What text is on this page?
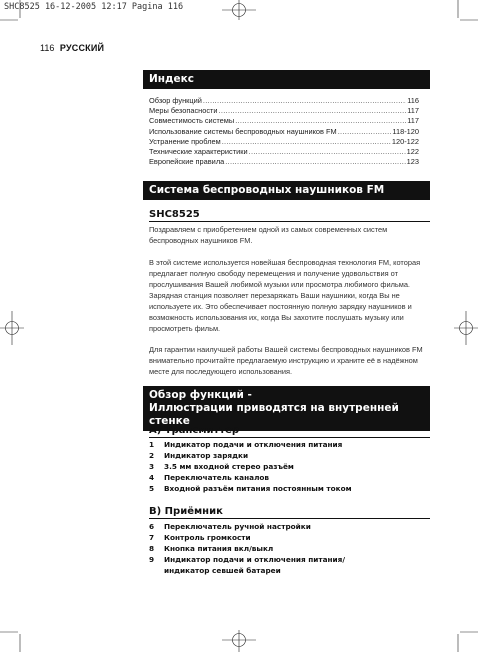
SHC8525 16-12-2005 12:17 Pagina 116
116 РУССКИЙ
Индекс
Обзор функций .....	116
Меры безопасности .....	117
Совместимость системы .....	117
Использование системы беспроводных наушников FM .....	118-120
Устранение проблем .....	120-122
Технические характеристики .....	122
Европейские правила .....	123
Система беспроводных наушников FM
SHC8525
Поздравляем с приобретением одной из самых современных систем беспроводных наушников FM.
В этой системе используется новейшая беспроводная технология FM, которая предлагает полную свободу перемещения и получение удовольствия от прослушивания Вашей любимой музыки или просмотра любимого фильма. Зарядная станция позволяет перезаряжать Ваши наушники, когда Вы не используете их. Это обеспечивает постоянную полную зарядку наушников и возможность использования их, когда Вы захотите послушать музыку или просмотреть фильм.
Для гарантии наилучшей работы Вашей системы беспроводных наушников FM внимательно прочитайте предлагаемую инструкцию и храните её в надёжном месте для последующего использования.
Обзор функций -
Иллюстрации приводятся на внутренней стенке
А) Трансмиттер
1	Индикатор подачи и отключения питания
2	Индикатор зарядки
3	3.5 мм входной стерео разъём
4	Переключатель каналов
5	Входной разъём питания постоянным током
В) Приёмник
6	Переключатель ручной настройки
7	Контроль громкости
8	Кнопка питания вкл/выкл
9	Индикатор подачи и отключения питания/ индикатор севшей батареи
